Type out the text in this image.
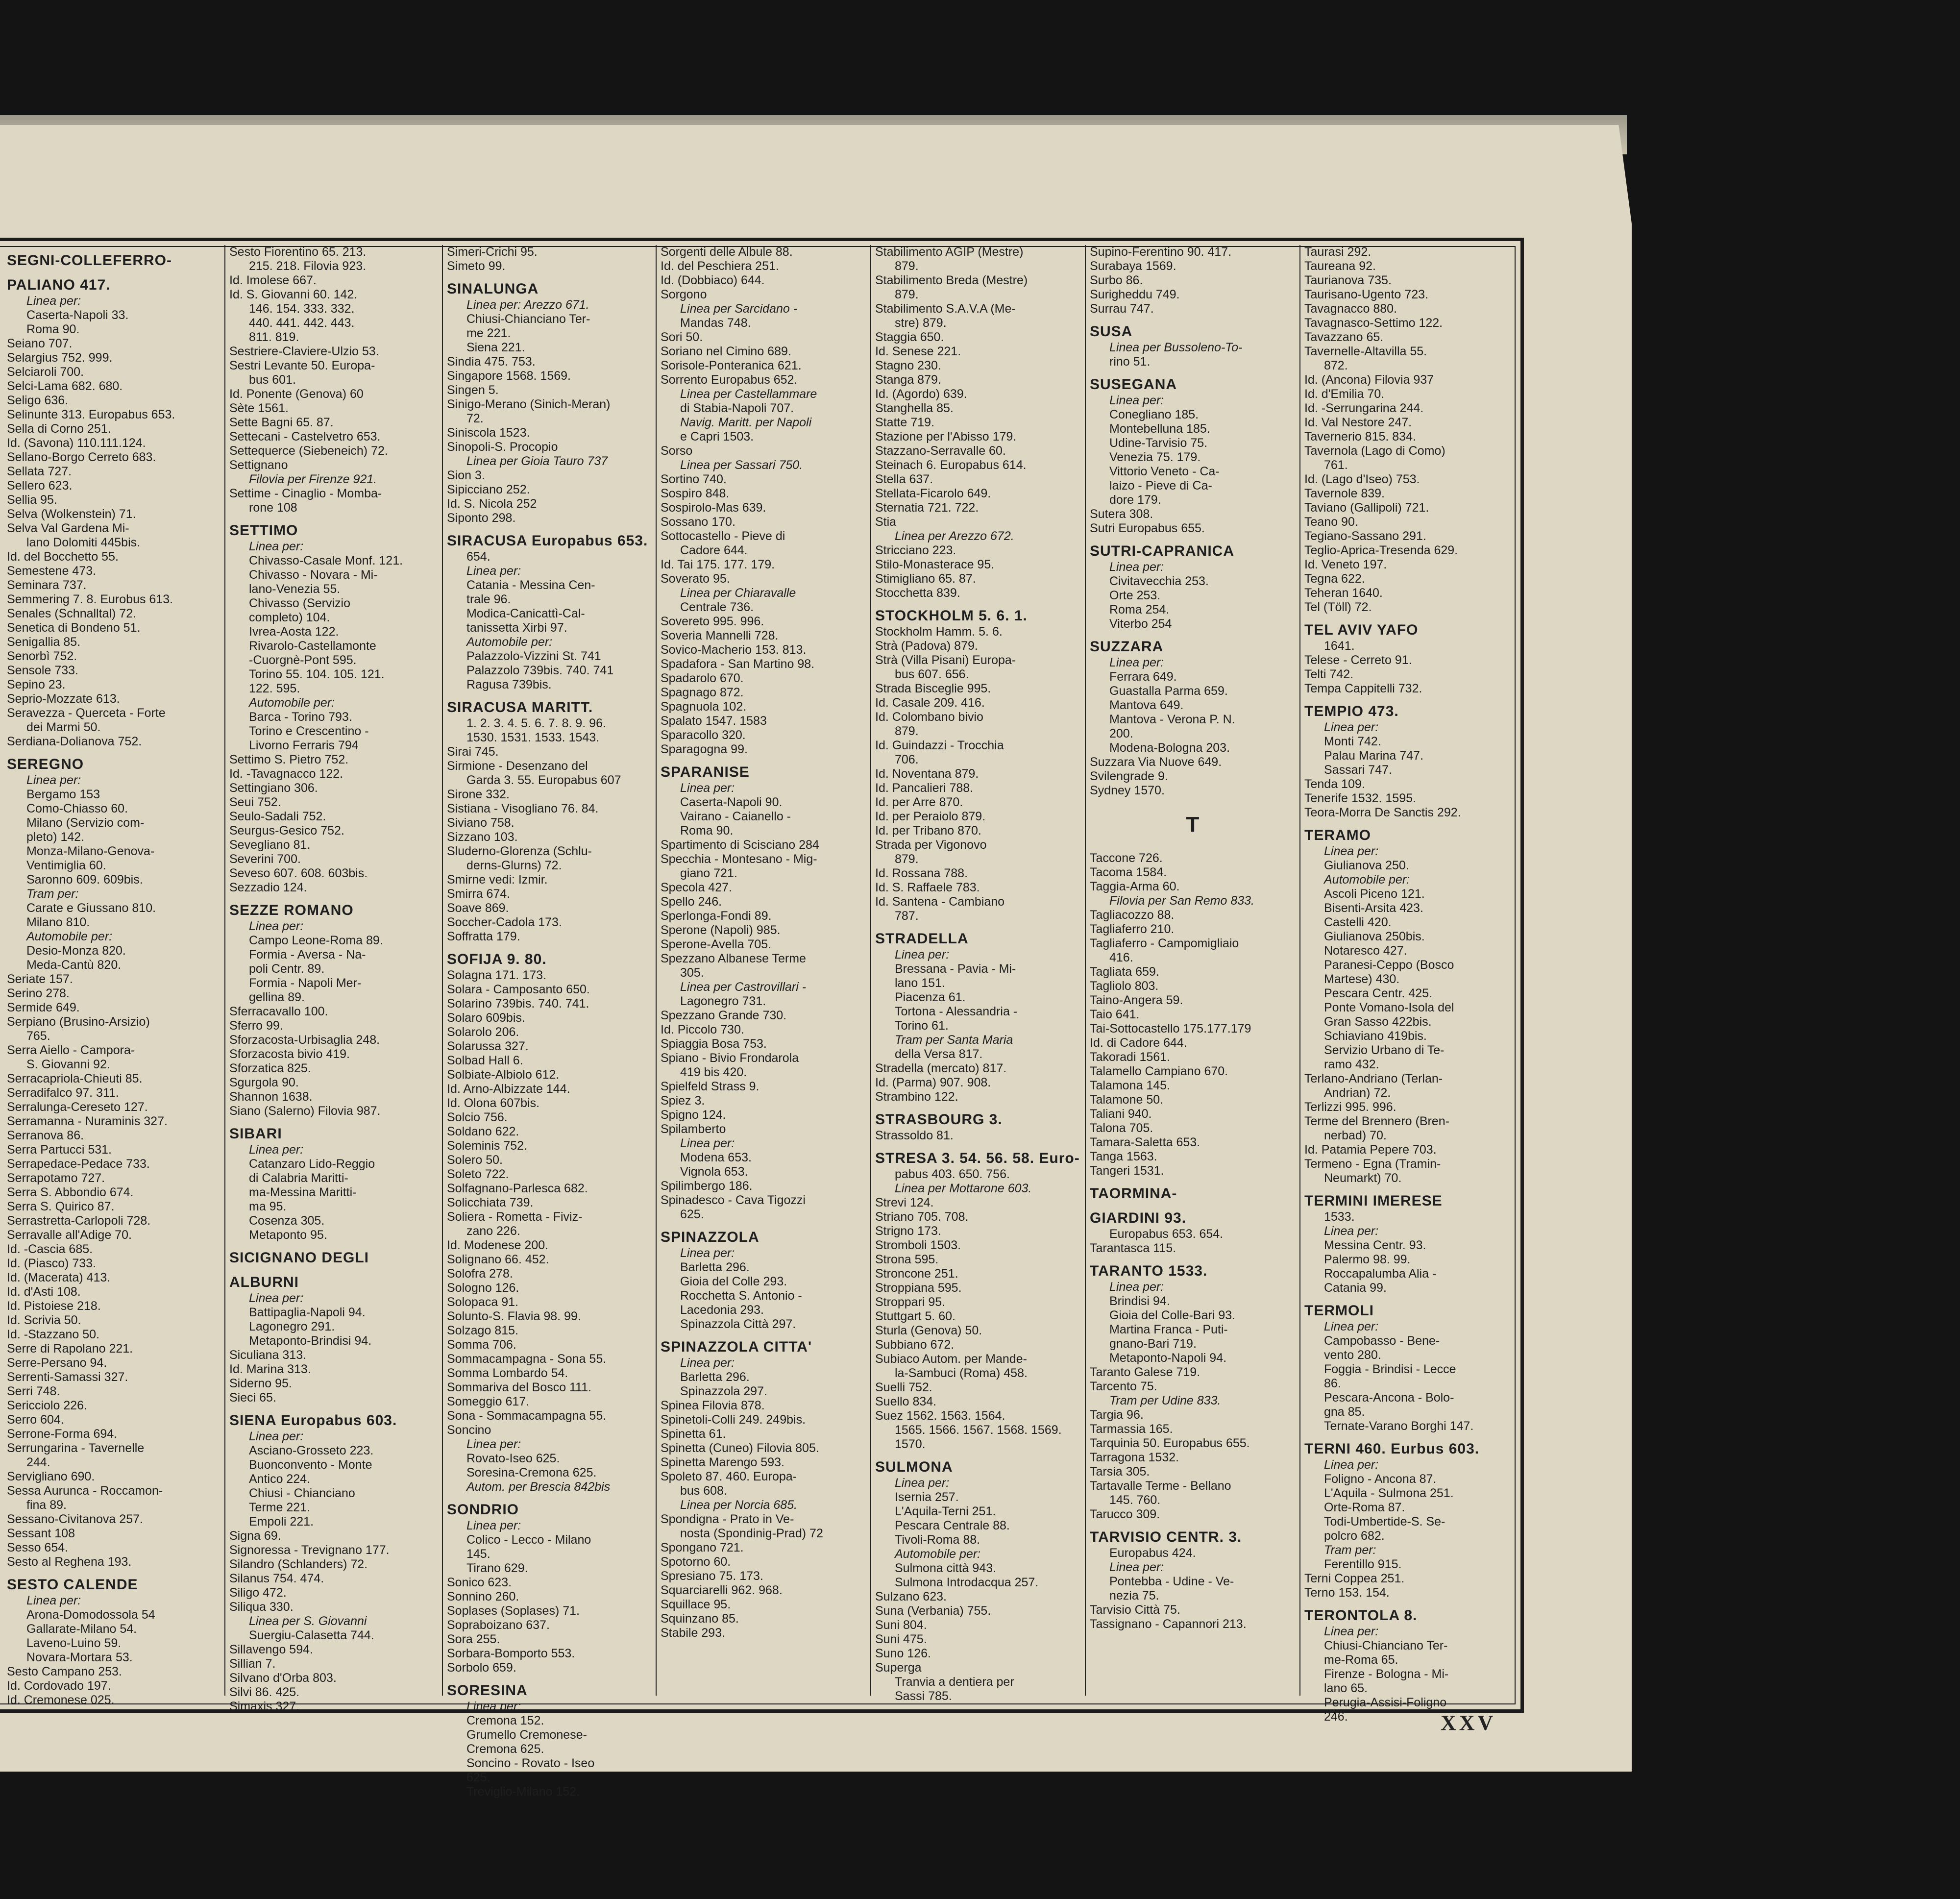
SEGNI-COLLEFERRO-
PALIANO 417.
Linea per:
Caserta-Napoli 33.
Roma 90.
Seiano 707.
Selargius 752. 999.
Selciaroli 700.
Selci-Lama 682. 680.
Seligo 636.
Selinunte 313. Europabus 653.
Sella di Corno 251.
Id. (Savona) 110.111.124.
Sellano-Borgo Cerreto 683.
Sellata 727.
Sellero 623.
Sellia 95.
Selva (Wolkenstein) 71.
Selva Val Gardena Mi-
lano Dolomiti 445bis.
Id. del Bocchetto 55.
Semestene 473.
Seminara 737.
Semmering 7. 8. Eurobus 613.
Senales (Schnalltal) 72.
Senetica di Bondeno 51.
Senigallia 85.
Senorbì 752.
Sensole 733.
Sepino 23.
Seprio-Mozzate 613.
Seravezza - Querceta - Forte
dei Marmi 50.
Serdiana-Dolianova 752.
SEREGNO
Linea per:
Bergamo 153
Como-Chiasso 60.
Milano (Servizio com-
pleto) 142.
Monza-Milano-Genova-
Ventimiglia 60.
Saronno 609. 609bis.
Tram per:
Carate e Giussano 810.
Milano 810.
Automobile per:
Desio-Monza 820.
Meda-Cantù 820.
Seriate 157.
Serino 278.
Sermide 649.
Serpiano (Brusino-Arsizio)
765.
Serra Aiello - Campora-
S. Giovanni 92.
Serracapriola-Chieuti 85.
Serradifalco 97. 311.
Serralunga-Cereseto 127.
Serramanna - Nuraminis 327.
Serranova 86.
Serra Partucci 531.
Serrapedace-Pedace 733.
Serrapotamo 727.
Serra S. Abbondio 674.
Serra S. Quirico 87.
Serrastretta-Carlopoli 728.
Serravalle all'Adige 70.
Id. -Cascia 685.
Id. (Piasco) 733.
Id. (Macerata) 413.
Id. d'Asti 108.
Id. Pistoiese 218.
Id. Scrivia 50.
Id. -Stazzano 50.
Serre di Rapolano 221.
Serre-Persano 94.
Serrenti-Samassi 327.
Serri 748.
Sericciolo 226.
Serro 604.
Serrone-Forma 694.
Serrungarina - Tavernelle
244.
Servigliano 690.
Sessa Aurunca - Roccamon-
fina 89.
Sessano-Civitanova 257.
Sessant 108
Sesso 654.
Sesto al Reghena 193.
SESTO CALENDE
Linea per:
Arona-Domodossola 54
Gallarate-Milano 54.
Laveno-Luino 59.
Novara-Mortara 53.
Sesto Campano 253.
Id. Cordovado 197.
Id. Cremonese 025.
Sesto Fiorentino 65. 213.
215. 218. Filovia 923.
Id. Imolese 667.
Id. S. Giovanni 60. 142.
146. 154. 333. 332.
440. 441. 442. 443.
811. 819.
Sestriere-Claviere-Ulzio 53.
Sestri Levante 50. Europa-
bus 601.
Id. Ponente (Genova) 60
Sète 1561.
Sette Bagni 65. 87.
Settecani - Castelvetro 653.
Settequerce (Siebeneich) 72.
Settignano
Filovia per Firenze 921.
Settime - Cinaglio - Mombа-
rone 108
SETTIMO
Linea per:
Chivasso-Casale Monf. 121.
Chivasso - Novara - Mi-
lano-Venezia 55.
Chivasso (Servizio
completo) 104.
Ivrea-Aosta 122.
Rivarolo-Castellamonte
-Cuorgnè-Pont 595.
Torino 55. 104. 105. 121.
122. 595.
Automobile per:
Barca - Torino 793.
Torino e Crescentino -
Livorno Ferraris 794
Settimo S. Pietro 752.
Id. -Tavagnacco 122.
Settingiano 306.
Seui 752.
Seulo-Sadali 752.
Seurgus-Gesico 752.
Sevegliano 81.
Severini 700.
Seveso 607. 608. 603bis.
Sezzadio 124.
SEZZE ROMANO
Linea per:
Campo Leone-Roma 89.
Formia - Aversa - Na-
poli Centr. 89.
Formia - Napoli Mer-
gellina 89.
Sferracavallo 100.
Sferro 99.
Sforzacosta-Urbisaglia 248.
Sforzacosta bivio 419.
Sforzatica 825.
Sgurgola 90.
Shannon 1638.
Siano (Salerno) Filovia 987.
SIBARI
Linea per:
Catanzaro Lido-Reggio
di Calabria Maritti-
ma-Messina Maritti-
ma 95.
Cosenza 305.
Metaponto 95.
SICIGNANO DEGLI
ALBURNI
Linea per:
Battipaglia-Napoli 94.
Lagonegro 291.
Metaponto-Brindisi 94.
Siculiana 313.
Id. Marina 313.
Siderno 95.
Sieci 65.
SIENA Europabus 603.
Linea per:
Asciano-Grosseto 223.
Buonconvento - Monte
Antico 224.
Chiusi - Chianciano
Terme 221.
Empoli 221.
Signa 69.
Signoressa - Trevignano 177.
Silandro (Schlanders) 72.
Silanus 754. 474.
Siligo 472.
Siliqua 330.
Linea per S. Giovanni
Suergiu-Calasetta 744.
Sillavengo 594.
Sillian 7.
Silvano d'Orba 803.
Silvi 86. 425.
Simaxis 327.
Simeri-Crichi 95.
Simeto 99.
SINALUNGA
Linea per: Arezzo 671.
Chiusi-Chianciano Ter-
me 221.
Siena 221.
Sindia 475. 753.
Singapore 1568. 1569.
Singen 5.
Sinigo-Merano (Sinich-Meran)
72.
Siniscola 1523.
Sinopoli-S. Procopio
Linea per Gioia Tauro 737
Sion 3.
Sipicciano 252.
Id. S. Nicola 252
Siponto 298.
SIRACUSA Europabus 653.
654.
Linea per:
Catania - Messina Cen-
trale 96.
Modica-Canicattì-Cal-
tanissetta Xirbi 97.
Automobile per:
Palazzolo-Vizzini St. 741
Palazzolo 739bis. 740. 741
Ragusa 739bis.
SIRACUSA MARITT.
1. 2. 3. 4. 5. 6. 7. 8. 9. 96.
1530. 1531. 1533. 1543.
Sirai 745.
Sirmione - Desenzano del
Garda 3. 55. Europabus 607
Sirone 332.
Sistiana - Visogliano 76. 84.
Siviano 758.
Sizzano 103.
Sluderno-Glorenza (Schlu-
derns-Glurns) 72.
Smirne vedi: Izmir.
Smirra 674.
Soave 869.
Soccher-Cadola 173.
Soffratta 179.
SOFIJA 9. 80.
Solagna 171. 173.
Solara - Camposanto 650.
Solarino 739bis. 740. 741.
Solaro 609bis.
Solarolo 206.
Solarussa 327.
Solbad Hall 6.
Solbiate-Albiolo 612.
Id. Arno-Albizzate 144.
Id. Olona 607bis.
Solcio 756.
Soldano 622.
Soleminis 752.
Solero 50.
Soleto 722.
Solfagnano-Parlesca 682.
Solicchiata 739.
Soliera - Rometta - Fiviz-
zano 226.
Id. Modenese 200.
Solignano 66. 452.
Solofra 278.
Sologno 126.
Solopaca 91.
Solunto-S. Flavia 98. 99.
Solzago 815.
Somma 706.
Sommacampagna - Sona 55.
Somma Lombardo 54.
Sommariva del Bosco 111.
Someggio 617.
Sona - Sommacampagna 55.
Soncino
Linea per:
Rovato-Iseo 625.
Soresina-Cremona 625.
Autom. per Brescia 842bis
SONDRIO
Linea per:
Colico - Lecco - Milano
145.
Tirano 629.
Sonico 623.
Sonnino 260.
Soplases (Soplases) 71.
Sopraboizano 637.
Sora 255.
Sorbara-Bomporto 553.
Sorbolo 659.
SORESINA
Linea per:
Cremona 152.
Grumello Cremonese-
Cremona 625.
Soncino - Rovato - Iseo
625.
Treviglio-Milano 152.
Sorgenti delle Albule 88.
Id. del Peschiera 251.
Id. (Dobbiaco) 644.
Sorgono
Linea per Sarcidano -
Mandas 748.
Sori 50.
Soriano nel Cimino 689.
Sorisole-Ponteranica 621.
Sorrento Europabus 652.
Linea per Castellammare
di Stabia-Napoli 707.
Navig. Maritt. per Napoli
e Capri 1503.
Sorso
Linea per Sassari 750.
Sortino 740.
Sospiro 848.
Sospirolo-Mas 639.
Sossano 170.
Sottocastello - Pieve di
Cadore 644.
Id. Tai 175. 177. 179.
Soverato 95.
Linea per Chiaravalle
Centrale 736.
Sovereto 995. 996.
Soveria Mannelli 728.
Sovico-Macherio 153. 813.
Spadafora - San Martino 98.
Spadarolo 670.
Spagnago 872.
Spagnuola 102.
Spalato 1547. 1583
Sparacollo 320.
Sparagogna 99.
SPARANISE
Linea per:
Caserta-Napoli 90.
Vairano - Caianello -
Roma 90.
Spartimento di Scisciano 284
Specchia - Montesano - Mig-
giano 721.
Specola 427.
Spello 246.
Sperlonga-Fondi 89.
Sperone (Napoli) 985.
Sperone-Avella 705.
Spezzano Albanese Terme
305.
Linea per Castrovillari -
Lagonegro 731.
Spezzano Grande 730.
Id. Piccolo 730.
Spiaggia Bosa 753.
Spiano - Bivio Frondarola
419 bis 420.
Spielfeld Strass 9.
Spiez 3.
Spigno 124.
Spilamberto
Linea per:
Modena 653.
Vignola 653.
Spilimbergo 186.
Spinadesco - Cava Tigozzi
625.
SPINAZZOLA
Linea per:
Barletta 296.
Gioia del Colle 293.
Rocchetta S. Antonio -
Lacedonia 293.
Spinazzola Città 297.
SPINAZZOLA CITTA'
Linea per:
Barletta 296.
Spinazzola 297.
Spinea Filovia 878.
Spinetoli-Colli 249. 249bis.
Spinetta 61.
Spinetta (Cuneo) Filovia 805.
Spinetta Marengo 593.
Spoleto 87. 460. Europa-
bus 608.
Linea per Norcia 685.
Spondigna - Prato in Ve-
nosta (Spondinig-Prad) 72
Spongano 721.
Spotorno 60.
Spresiano 75. 173.
Squarciarelli 962. 968.
Squillace 95.
Squinzano 85.
Stabile 293.
Stabilimento AGIP (Mestre)
879.
Stabilimento Breda (Mestre)
879.
Stabilimento S.A.V.A (Me-
stre) 879.
Staggia 650.
Id. Senese 221.
Stagno 230.
Stanga 879.
Id. (Agordo) 639.
Stanghella 85.
Statte 719.
Stazione per l'Abisso 179.
Stazzano-Serravalle 60.
Steinach 6. Europabus 614.
Stella 637.
Stellata-Ficarolo 649.
Sternatia 721. 722.
Stia
Linea per Arezzo 672.
Stricciano 223.
Stilo-Monasterace 95.
Stimigliano 65. 87.
Stocchetta 839.
STOCKHOLM 5. 6. 1.
Stockholm Hamm. 5. 6.
Strà (Padova) 879.
Strà (Villa Pisani) Europa-
bus 607. 656.
Strada Bisceglie 995.
Id. Casale 209. 416.
Id. Colombano bivio
879.
Id. Guindazzi - Trocchia
706.
Id. Noventana 879.
Id. Pancalieri 788.
Id. per Arre 870.
Id. per Peraiolo 879.
Id. per Tribano 870.
Strada per Vigonovo
879.
Id. Rossana 788.
Id. S. Raffaele 783.
Id. Santena - Cambiano
787.
STRADELLA
Linea per:
Bressana - Pavia - Mi-
lano 151.
Piacenza 61.
Tortona - Alessandria -
Torino 61.
Tram per Santa Maria
della Versa 817.
Stradella (mercato) 817.
Id. (Parma) 907. 908.
Strambino 122.
STRASBOURG 3.
Strassoldo 81.
STRESA 3. 54. 56. 58. Euro-
pabus 403. 650. 756.
Linea per Mottarone 603.
Strevi 124.
Striano 705. 708.
Strigno 173.
Stromboli 1503.
Strona 595.
Stroncone 251.
Stroppiana 595.
Stroppari 95.
Stuttgart 5. 60.
Sturla (Genova) 50.
Subbiano 672.
Subiaco Autom. per Mande-
la-Sambuci (Roma) 458.
Suelli 752.
Suello 834.
Suez 1562. 1563. 1564.
1565. 1566. 1567. 1568. 1569.
1570.
SULMONA
Linea per:
Isernia 257.
L'Aquila-Terni 251.
Pescara Centrale 88.
Tivoli-Roma 88.
Automobile per:
Sulmona città 943.
Sulmona Introdacqua 257.
Sulzano 623.
Suna (Verbania) 755.
Suni 804.
Suni 475.
Suno 126.
Superga
Tranvia a dentiera per
Sassi 785.
Supino-Ferentino 90. 417.
Surabaya 1569.
Surbo 86.
Surigheddu 749.
Surrau 747.
SUSA
Linea per Bussoleno-To-
rino 51.
SUSEGANA
Linea per:
Conegliano 185.
Montebelluna 185.
Udine-Tarvisio 75.
Venezia 75. 179.
Vittorio Veneto - Ca-
laizo - Pieve di Ca-
dore 179.
Sutera 308.
Sutri Europabus 655.
SUTRI-CAPRANICA
Linea per:
Civitavecchia 253.
Orte 253.
Roma 254.
Viterbo 254
SUZZARA
Linea per:
Ferrara 649.
Guastalla Parma 659.
Mantova 649.
Mantova - Verona P. N.
200.
Modena-Bologna 203.
Suzzara Via Nuove 649.
Svilengrade 9.
Sydney 1570.
T
Taccone 726.
Tacoma 1584.
Taggia-Arma 60.
Filovia per San Remo 833.
Tagliacozzo 88.
Tagliaferro 210.
Tagliaferro - Campomigliaio
416.
Tagliata 659.
Tagliolo 803.
Taino-Angera 59.
Taio 641.
Tai-Sottocastello 175.177.179
Id. di Cadore 644.
Takoradi 1561.
Talamello Campiano 670.
Talamona 145.
Talamone 50.
Taliani 940.
Talona 705.
Tamara-Saletta 653.
Tanga 1563.
Tangeri 1531.
TAORMINA-
GIARDINI 93.
Europabus 653. 654.
Tarantasca 115.
TARANTO 1533.
Linea per:
Brindisi 94.
Gioia del Colle-Bari 93.
Martina Franca - Puti-
gnano-Bari 719.
Metaponto-Napoli 94.
Taranto Galese 719.
Tarcento 75.
Tram per Udine 833.
Targia 96.
Tarmassia 165.
Tarquinia 50. Europabus 655.
Tarragona 1532.
Tarsia 305.
Tartavalle Terme - Bellano
145. 760.
Tarucco 309.
TARVISIO CENTR. 3.
Europabus 424.
Linea per:
Pontebba - Udine - Ve-
nezia 75.
Tarvisio Città 75.
Tassignano - Capannori 213.
Taurasi 292.
Taureana 92.
Taurianova 735.
Taurisano-Ugento 723.
Tavagnacco 880.
Tavagnasco-Settimo 122.
Tavazzano 65.
Tavernelle-Altavilla 55.
872.
Id. (Ancona) Filovia 937
Id. d'Emilia 70.
Id. -Serrungarina 244.
Id. Val Nestore 247.
Tavernerio 815. 834.
Tavernola (Lago di Como)
761.
Id. (Lago d'Iseo) 753.
Tavernole 839.
Taviano (Gallipoli) 721.
Teano 90.
Tegiano-Sassano 291.
Teglio-Aprica-Tresenda 629.
Id. Veneto 197.
Tegna 622.
Teheran 1640.
Tel (Töll) 72.
TEL AVIV YAFO
1641.
Telese - Cerreto 91.
Telti 742.
Tempa Cappitelli 732.
TEMPIO 473.
Linea per:
Monti 742.
Palau Marina 747.
Sassari 747.
Tenda 109.
Tenerife 1532. 1595.
Teora-Morra De Sanctis 292.
TERAMO
Linea per:
Giulianova 250.
Automobile per:
Ascoli Piceno 121.
Bisenti-Arsita 423.
Castelli 420.
Giulianova 250bis.
Notaresco 427.
Paranesi-Ceppo (Bosco
Martese) 430.
Pescara Centr. 425.
Ponte Vomano-Isola del
Gran Sasso 422bis.
Schiaviano 419bis.
Servizio Urbano di Te-
ramo 432.
Terlano-Andriano (Terlan-
Andrian) 72.
Terlizzi 995. 996.
Terme del Brennero (Bren-
nerbad) 70.
Id. Patamia Pepere 703.
Termeno - Egna (Tramin-
Neumarkt) 70.
TERMINI IMERESE
1533.
Linea per:
Messina Centr. 93.
Palermo 98. 99.
Roccapalumba Alia -
Catania 99.
TERMOLI
Linea per:
Campobasso - Bene-
vento 280.
Foggia - Brindisi - Lecce
86.
Pescara-Ancona - Bolo-
gna 85.
Ternate-Varano Borghi 147.
TERNI 460. Eurbus 603.
Linea per:
Foligno - Ancona 87.
L'Aquila - Sulmona 251.
Orte-Roma 87.
Todi-Umbertide-S. Se-
polcro 682.
Tram per:
Ferentillo 915.
Terni Coppea 251.
Terno 153. 154.
TERONTOLA 8.
Linea per:
Chiusi-Chianciano Ter-
me-Roma 65.
Firenze - Bologna - Mi-
lano 65.
Perugia-Assisi-Foligno
246.	XXV
